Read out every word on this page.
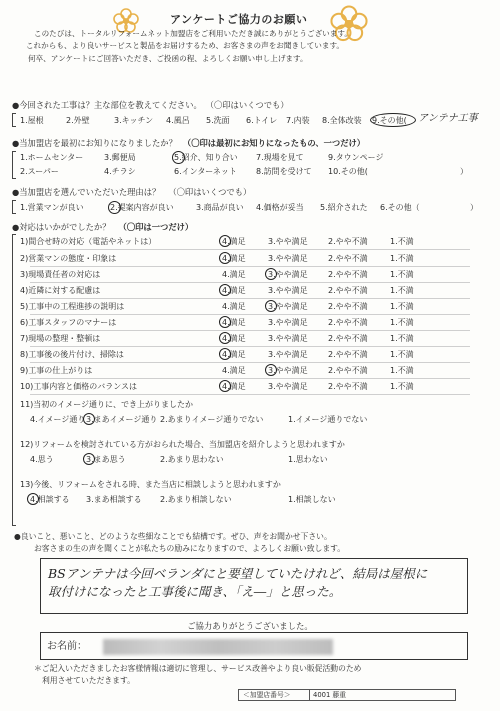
アンケートご協力のお願い
このたびは、トータルリフォームネット加盟店をご利用いただき誠にありがとうございます。
これからも、より良いサービスと製品をお届けするため、お客さまの声をお聞きしています。
何卒、アンケートにご回答いただき、ご投函の程、よろしくお願い申し上げます。
●今回された工事は？主な部位を教えてください。 （〇印はいくつでも）
1.屋根	2.外壁	3.キッチン 4.風呂 5.洗面 6.トイレ 7.内装 8.全体改装 9.その他( アンテナ工事
●当加盟店を最初にお知りになりましたか？ （〇印は最初にお知りになったもの、一つだけ）
1.ホームセンター	3.郵便局	5.紹介、知り合い 7.現場を見て	9.タウンページ
2.スーパー	4.チラシ	6.インターネット 8.訪問を受けて 10.その他(	）
●当加盟店を選んでいただいた理由は？ （〇印はいくつでも）
1.営業マンが良い	2.提案内容が良い	3.商品が良い 4.価格が妥当 5.紹介された 6.その他（	）
●対応はいかがでしたか？ （〇印は一つだけ）
●良いこと、悪いこと、どのような些細なことでも結構です。ぜひ、声をお聞かせ下さい。
お客さまの生の声を聞くことが私たちの励みになりますので、よろしくお願い致します。
BSアンテナは今回ベランダにと要望していたけれど、結局は屋根に
取付けになったと工事後に聞き、「え―」と思った。
ご協力ありがとうございました。
お名前：
＊ご記入いただきましたお客様情報は適切に管理し、サービス改善やより良い販促活動のため
利用させていただきます。
＜加盟店番号＞	4001 藤重
1)間合せ時の対応（電話やネットは）	4.満足	3.やや満足	2.やや不満	1.不満
2)営業マンの態度・印象は	4.満足	3.やや満足	2.やや不満	1.不満
3)現場責任者の対応は	4.満足	3.やや満足	2.やや不満	1.不満
4)近隣に対する配慮は	4.満足	3.やや満足	2.やや不満	1.不満
5)工事中の工程進捗の説明は	4.満足	3.やや満足	2.やや不満	1.不満
6)工事スタッフのマナーは	4.満足	3.やや満足	2.やや不満	1.不満
7)現場の整理・整頓は	4.満足	3.やや満足	2.やや不満	1.不満
8)工事後の後片付け、掃除は	4.満足	3.やや満足	2.やや不満	1.不満
9)工事の仕上がりは	4.満足	3.やや満足	2.やや不満	1.不満
10)工事内容と価格のバランスは	4.満足	3.やや満足	2.やや不満	1.不満
11)当初のイメージ通りに、でき上がりましたか
4.イメージ通り 3.まあイメージ通り 2.あまりイメージ通りでない	1.イメージ通りでない
12)リフォームを検討されている方がおられた場合、当加盟店を紹介しようと思われますか
4.思う	3.まあ思う	2.あまり思わない	1.思わない
13)今後、リフォームをされる時、また当店に相談しようと思われますか
4.相談する 3.まあ相談する 2.あまり相談しない	1.相談しない
